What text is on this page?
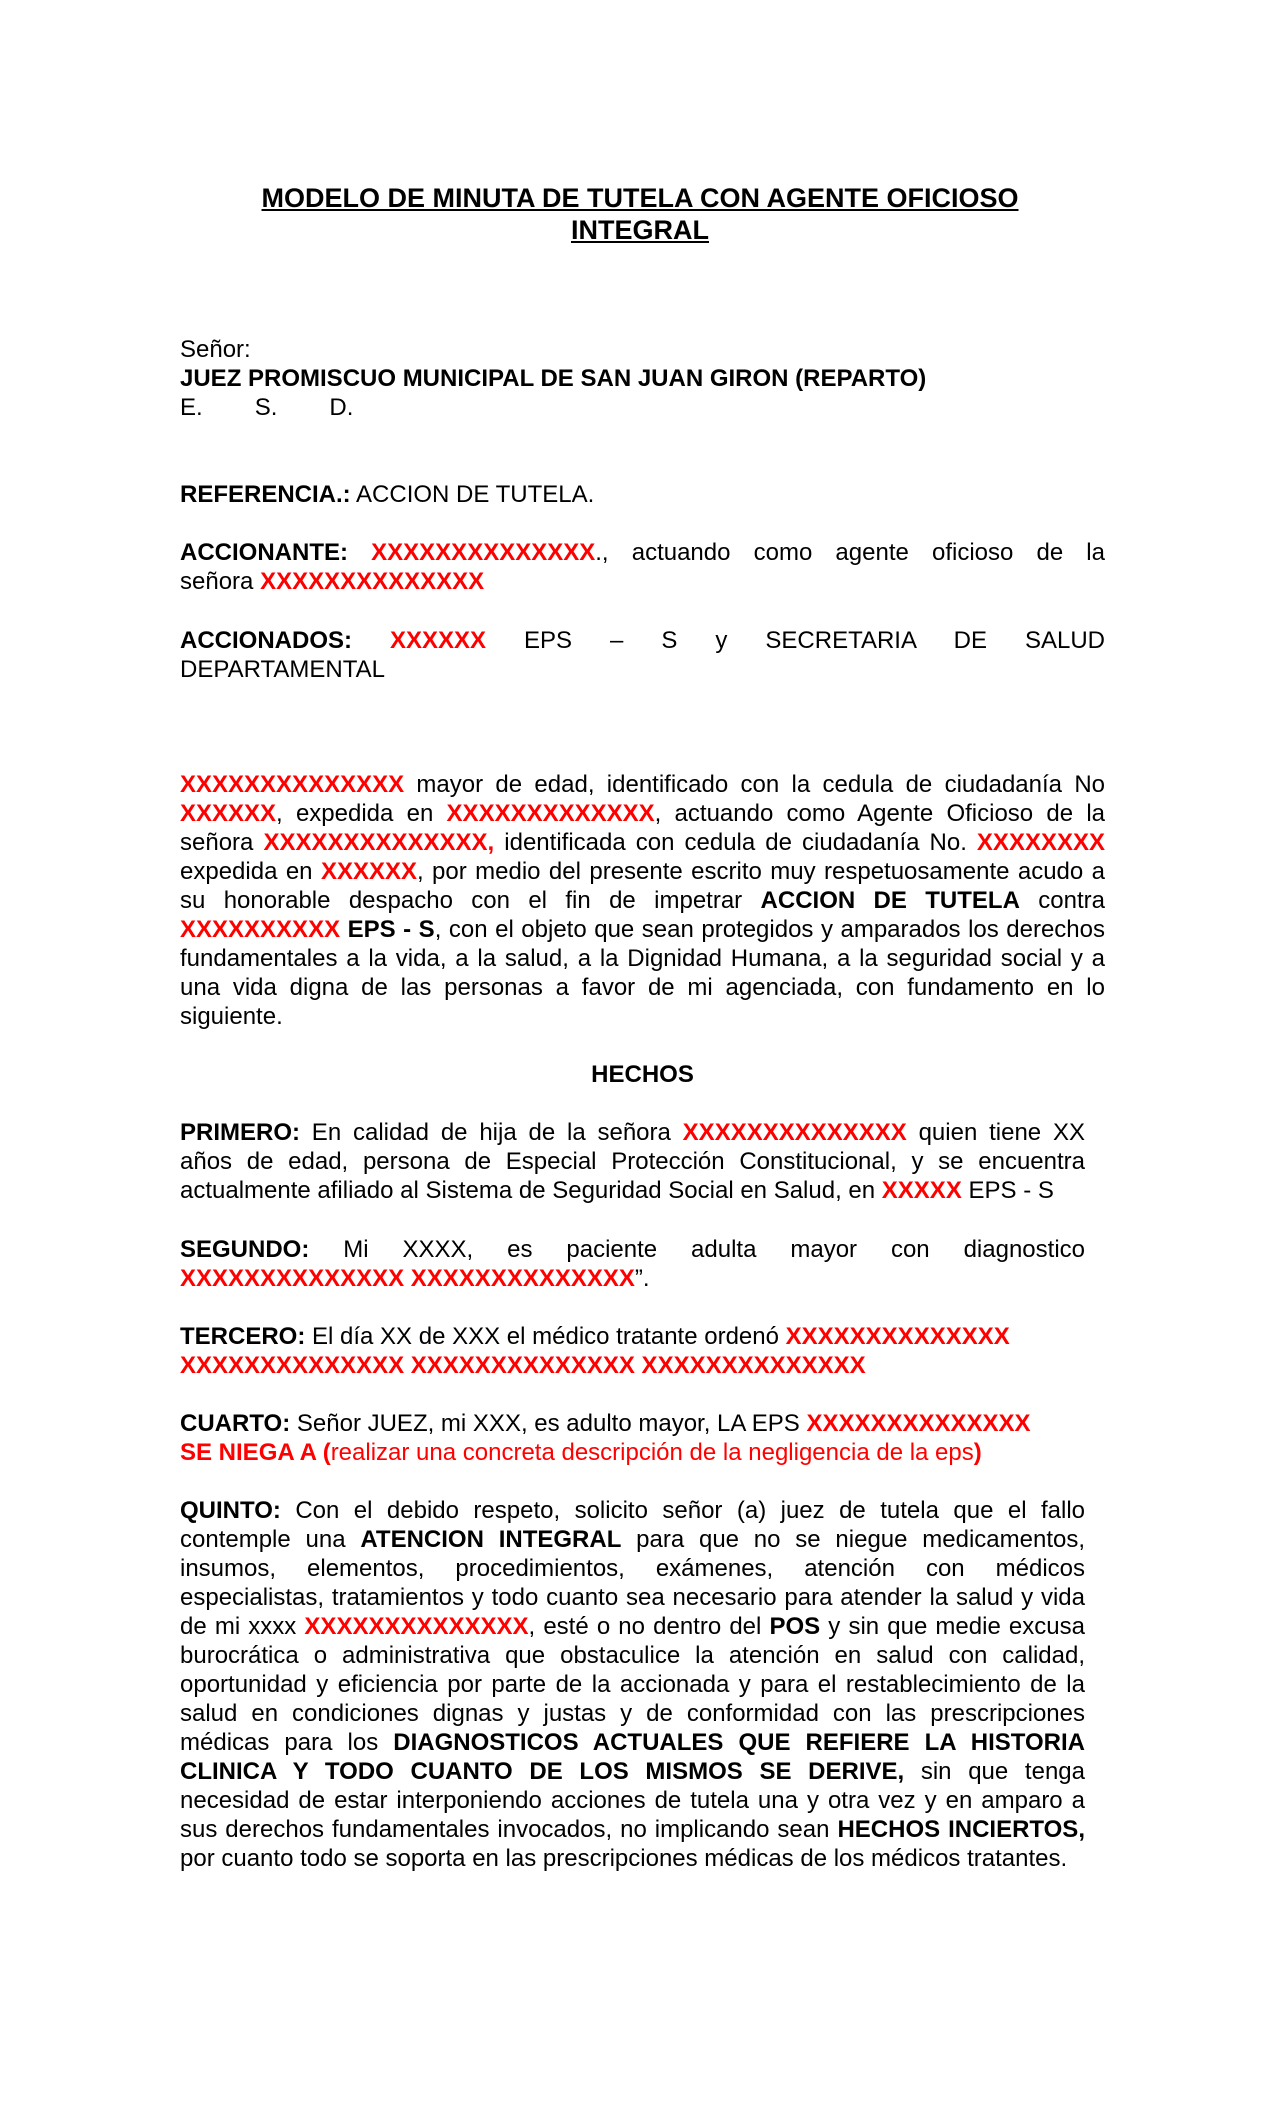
MODELO DE MINUTA DE TUTELA CON AGENTE OFICIOSO INTEGRAL
Señor:
JUEZ PROMISCUO MUNICIPAL DE SAN JUAN GIRON (REPARTO)
E. S. D.
REFERENCIA.: ACCION DE TUTELA.
ACCIONANTE: XXXXXXXXXXXXXX., actuando como agente oficioso de la
señora XXXXXXXXXXXXXX
ACCIONADOS: XXXXXX EPS – S y SECRETARIA DE SALUD
DEPARTAMENTAL

XXXXXXXXXXXXXX mayor de edad, identificado con la cedula de ciudadanía No XXXXXX, expedida en XXXXXXXXXXXXX, actuando como Agente Oficioso de la señora XXXXXXXXXXXXXX, identificada con cedula de ciudadanía No. XXXXXXXX expedida en XXXXXX, por medio del presente escrito muy respetuosamente acudo a su honorable despacho con el fin de impetrar ACCION DE TUTELA contra XXXXXXXXXX EPS - S, con el objeto que sean protegidos y amparados los derechos fundamentales a la vida, a la salud, a la Dignidad Humana, a la seguridad social y a una vida digna de las personas a favor de mi agenciada, con fundamento en lo siguiente.

HECHOS

PRIMERO: En calidad de hija de la señora XXXXXXXXXXXXXX quien tiene XX años de edad, persona de Especial Protección Constitucional, y se encuentra actualmente afiliado al Sistema de Seguridad Social en Salud, en XXXXX EPS - S

SEGUNDO: Mi XXXX, es paciente adulta mayor con diagnostico
XXXXXXXXXXXXXX XXXXXXXXXXXXXX”.
TERCERO: El día XX de XXX el médico tratante ordenó XXXXXXXXXXXXXX
XXXXXXXXXXXXXX XXXXXXXXXXXXXX XXXXXXXXXXXXXX
CUARTO: Señor JUEZ, mi XXX, es adulto mayor, LA EPS XXXXXXXXXXXXXX
SE NIEGA A (realizar una concreta descripción de la negligencia de la eps)

QUINTO: Con el debido respeto, solicito señor (a) juez de tutela que el fallo contemple una ATENCION INTEGRAL para que no se niegue medicamentos, insumos, elementos, procedimientos, exámenes, atención con médicos especialistas, tratamientos y todo cuanto sea necesario para atender la salud y vida de mi xxxx XXXXXXXXXXXXXX, esté o no dentro del POS y sin que medie excusa burocrática o administrativa que obstaculice la atención en salud con calidad, oportunidad y eficiencia por parte de la accionada y para el restablecimiento de la salud en condiciones dignas y justas y de conformidad con las prescripciones médicas para los DIAGNOSTICOS ACTUALES QUE REFIERE LA HISTORIA CLINICA Y TODO CUANTO DE LOS MISMOS SE DERIVE, sin que tenga necesidad de estar interponiendo acciones de tutela una y otra vez y en amparo a sus derechos fundamentales invocados, no implicando sean HECHOS INCIERTOS, por cuanto todo se soporta en las prescripciones médicas de los médicos tratantes.
